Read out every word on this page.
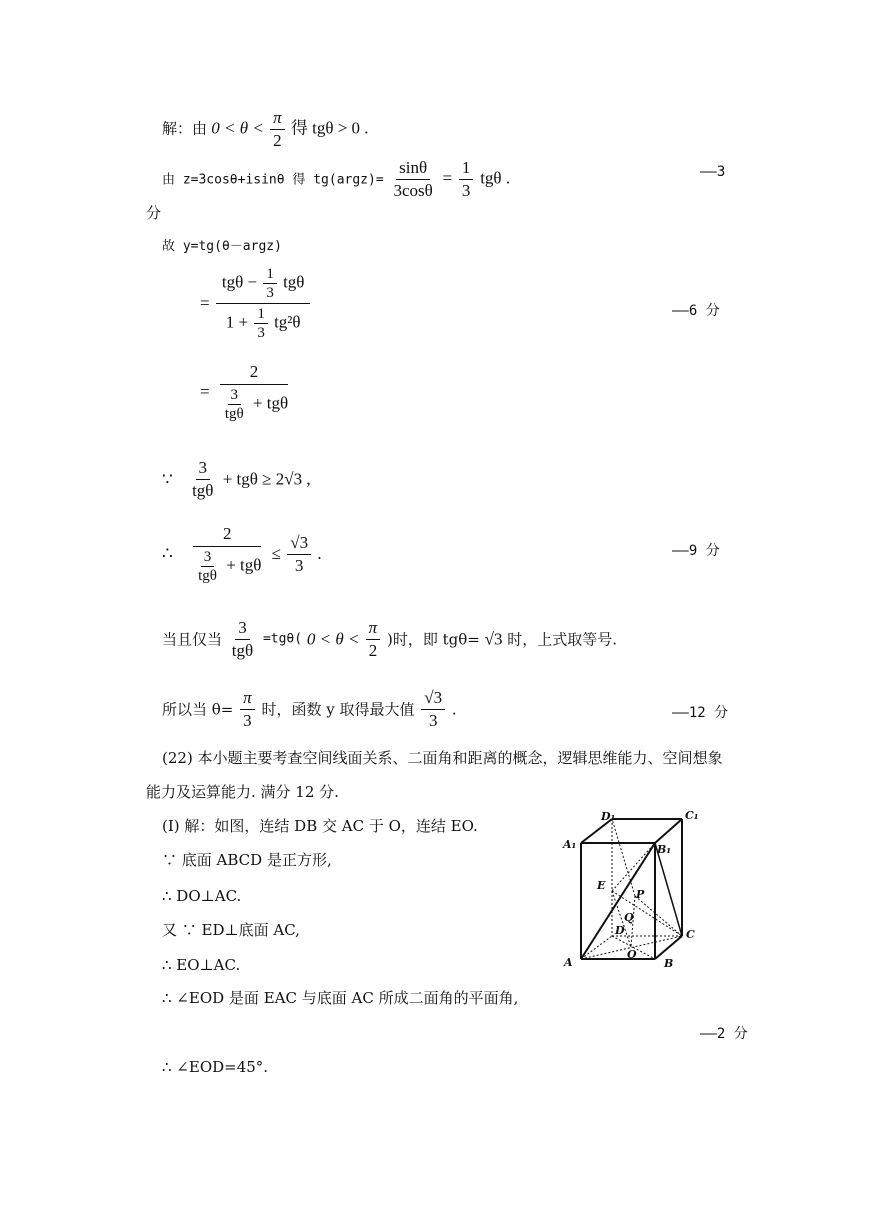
解：由 $0 < \theta < \frac{\pi}{2}$ 得 tgθ > 0 .
由 z=3cosθ+isinθ 得 tg(argz)= $\frac{\sin\theta}{3\cos\theta} = \frac{1}{3}$ tgθ .	——3
分
故 y=tg(θ－argz)
= $\frac{tg\theta - \frac{1}{3} tg\theta}{1 + \frac{1}{3} tg^2\theta}$	——6 分
= $\frac{2}{\frac{3}{\text{tgθ}} + tg\theta}$
∵ $\frac{3}{\text{tgθ}} + tg\theta \ge 2√3$ ,
∴ $\frac{2}{\frac{3}{\text{tgθ}} + tg\theta} \le \frac{√3}{3}$ .	——9 分
当且仅当 $\frac{3}{\text{tgθ}} =tg\theta$( $0 < \theta < \frac{\pi}{2}$ )时，即 tgθ= √3 时，上式取等号.
所以当 $\theta= \frac{\pi}{3}$ 时，函数 y 取得最大值 $\frac{√3}{3}$ .	——12 分
(22) 本小题主要考查空间线面关系、二面角和距离的概念，逻辑思维能力、空间想象
能力及运算能力. 满分 12 分.
(Ⅰ) 解：如图，连结 DB 交 AC 于 O，连结 EO.
∵ 底面 ABCD 是正方形,
∴ DO⊥AC.
又 ∵ ED⊥底面 AC,
∴ EO⊥AC.
∴ ∠EOD 是面 EAC 与底面 AC 所成二面角的平面角,
——2 分
∴ ∠EOD=45°.
D₁	C₁
A₁	B₁
E
P
Q
D	C
A
O
B
